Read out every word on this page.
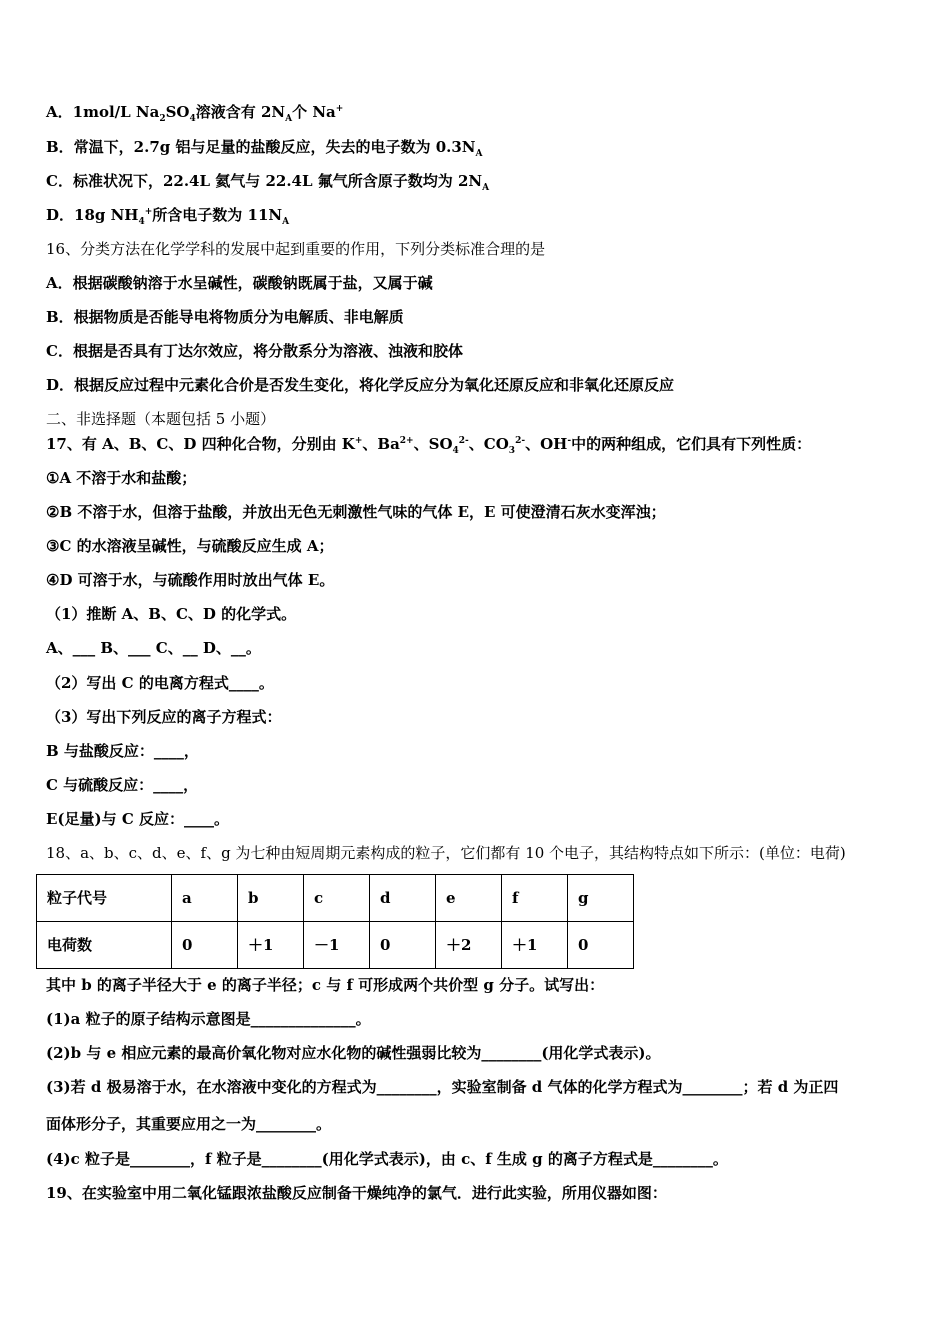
A．1mol/L $Na_2SO_4$溶液含有 $2N_A$个 Na+
B．常温下，2.7g 铝与足量的盐酸反应，失去的电子数为 $0.3N_A$
C．标准状况下，22.4L 氦气与 22.4L 氟气所含原子数均为 $2N_A$
D．18g $NH_4^+$所含电子数为 $11N_A$
16、分类方法在化学学科的发展中起到重要的作用，下列分类标准合理的是
A．根据碳酸钠溶于水呈碱性，碳酸钠既属于盐，又属于碱
B．根据物质是否能导电将物质分为电解质、非电解质
C．根据是否具有丁达尔效应，将分散系分为溶液、浊液和胶体
D．根据反应过程中元素化合价是否发生变化，将化学反应分为氧化还原反应和非氧化还原反应
二、非选择题（本题包括 5 小题）
17、有 A、B、C、D 四种化合物，分别由 K+、$Ba^{2+}$、$SO_4^{2-}$、$CO_3^{2-}$、OH-中的两种组成，它们具有下列性质：
①A 不溶于水和盐酸；
②B 不溶于水，但溶于盐酸，并放出无色无刺激性气味的气体 E，E 可使澄清石灰水变浑浊；
③C 的水溶液呈碱性，与硫酸反应生成 A；
④D 可溶于水，与硫酸作用时放出气体 E。
（1）推断 A、B、C、D 的化学式。
A、___ B、___ C、__ D、__。
（2）写出 C 的电离方程式____。
（3）写出下列反应的离子方程式：
B 与盐酸反应：____，
C 与硫酸反应：____，
E(足量)与 C 反应：____。
18、a、b、c、d、e、f、g 为七种由短周期元素构成的粒子，它们都有 10 个电子，其结构特点如下所示：(单位：电荷)
粒子代号	a	b	c	d	e	f	g
电荷数	0	＋1	－1	0	＋2	＋1	0
其中 b 的离子半径大于 e 的离子半径；c 与 f 可形成两个共价型 g 分子。试写出：
(1)a 粒子的原子结构示意图是______________。
(2)b 与 e 相应元素的最高价氧化物对应水化物的碱性强弱比较为________(用化学式表示)。
(3)若 d 极易溶于水，在水溶液中变化的方程式为________，实验室制备 d 气体的化学方程式为________；若 d 为正四
面体形分子，其重要应用之一为________。
(4)c 粒子是________，f 粒子是________(用化学式表示)，由 c、f 生成 g 的离子方程式是________。
19、在实验室中用二氧化锰跟浓盐酸反应制备干燥纯净的氯气．进行此实验，所用仪器如图：
